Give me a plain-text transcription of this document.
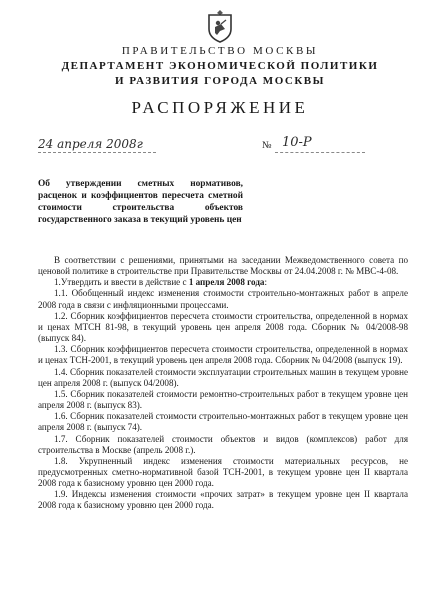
ПРАВИТЕЛЬСТВО МОСКВЫ
ДЕПАРТАМЕНТ ЭКОНОМИЧЕСКОЙ ПОЛИТИКИ
И РАЗВИТИЯ ГОРОДА МОСКВЫ
РАСПОРЯЖЕНИЕ
24 апреля 2008г	№ 10-Р
Об утверждении сметных нормативов, расценок и коэффициентов пересчета сметной стоимости строительства объектов государственного заказа в текущий уровень цен

В соответствии с решениями, принятыми на заседании Межведомственного совета по ценовой политике в строительстве при Правительстве Москвы от 24.04.2008 г. № МВС-4-08.

1.Утвердить и ввести в действие с 1 апреля 2008 года:

1.1. Обобщенный индекс изменения стоимости строительно-монтажных работ в апреле 2008 года в связи с инфляционными процессами.

1.2. Сборник коэффициентов пересчета стоимости строительства, определенной в нормах и ценах МТСН 81-98, в текущий уровень цен апреля 2008 года. Сборник № 04/2008-98 (выпуск 84).

1.3. Сборник коэффициентов пересчета стоимости строительства, определенной в нормах и ценах ТСН-2001, в текущий уровень цен апреля 2008 года. Сборник № 04/2008 (выпуск 19).

1.4. Сборник показателей стоимости эксплуатации строительных машин в текущем уровне цен апреля 2008 г. (выпуск 04/2008).

1.5. Сборник показателей стоимости ремонтно-строительных работ в текущем уровне цен апреля 2008 г. (выпуск 83).

1.6. Сборник показателей стоимости строительно-монтажных работ в текущем уровне цен апреля 2008 г. (выпуск 74).

1.7. Сборник показателей стоимости объектов и видов (комплексов) работ для строительства в Москве (апрель 2008 г.).

1.8. Укрупненный индекс изменения стоимости материальных ресурсов, не предусмотренных сметно-нормативной базой ТСН-2001, в текущем уровне цен II квартала 2008 года к базисному уровню цен 2000 года.

1.9. Индексы изменения стоимости «прочих затрат» в текущем уровне цен II квартала 2008 года к базисному уровню цен 2000 года.
